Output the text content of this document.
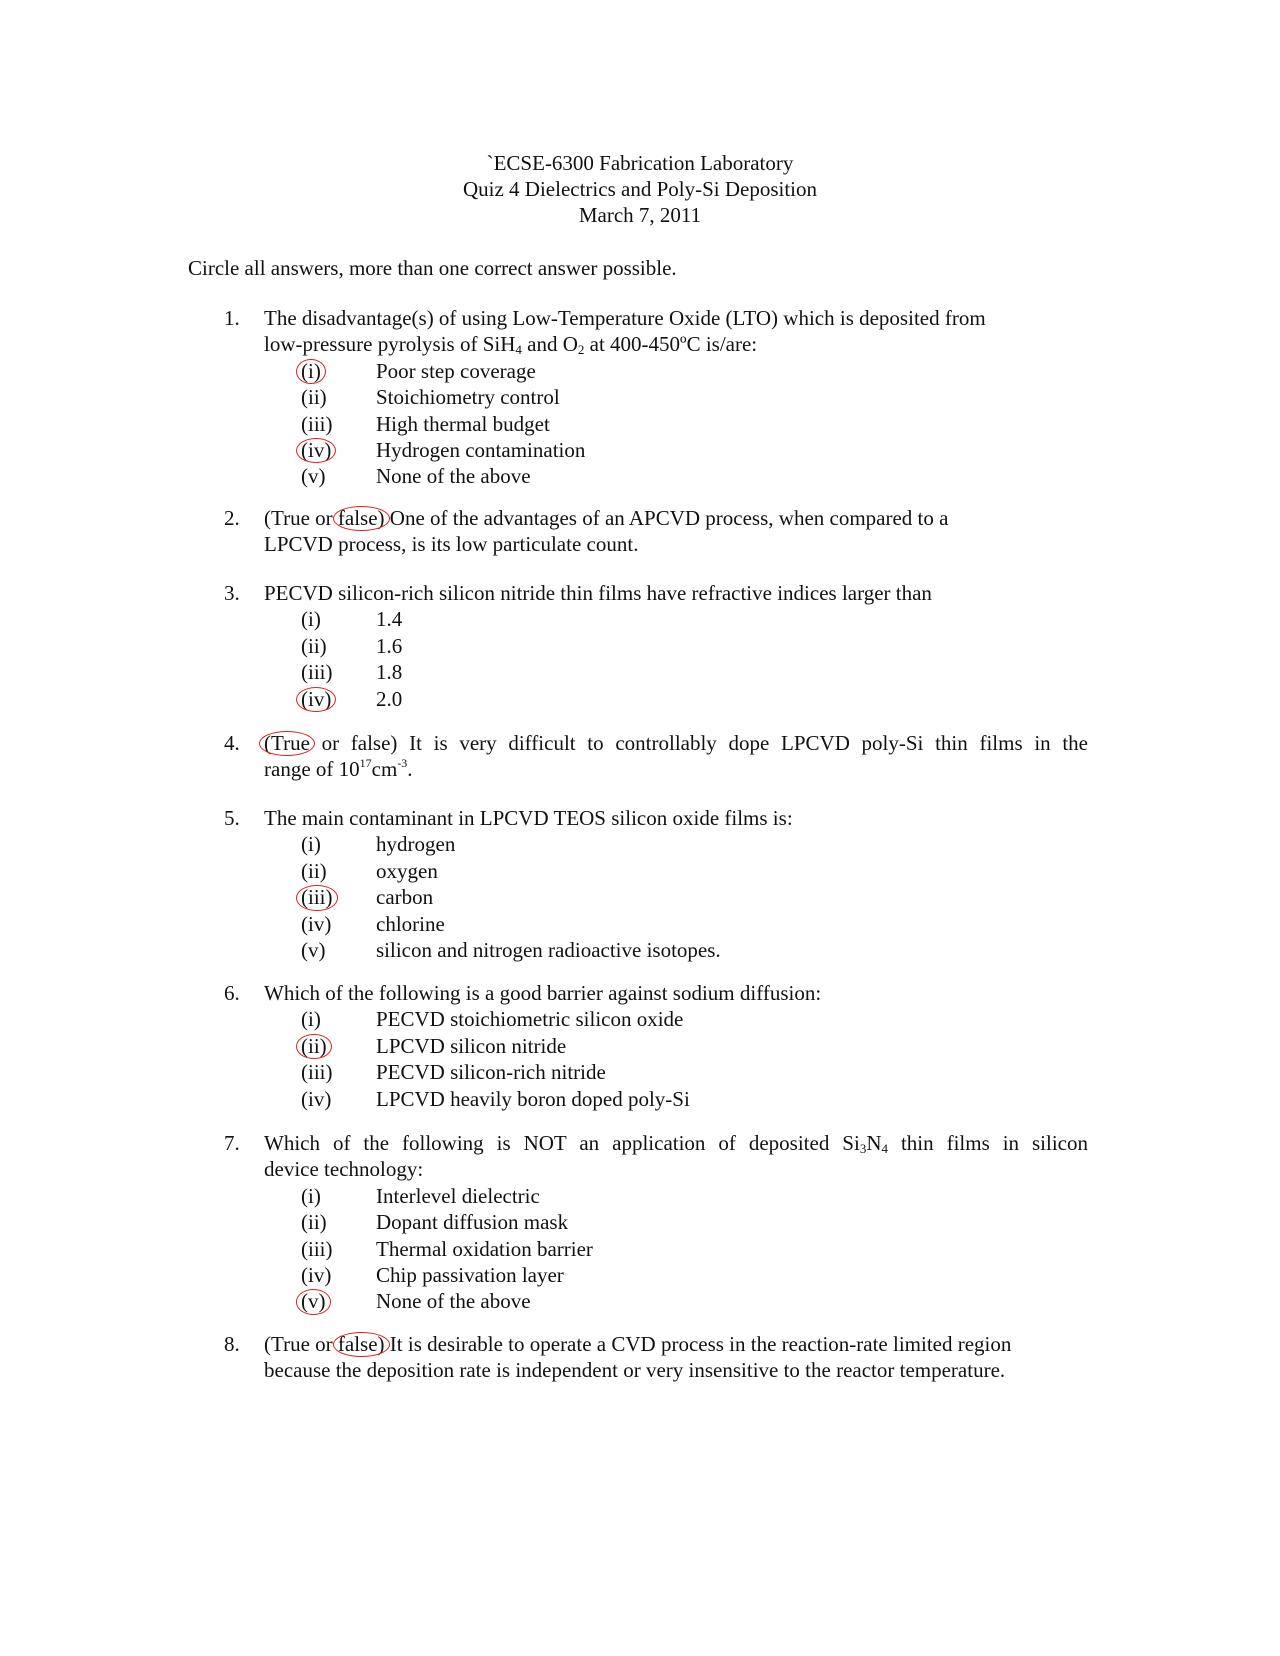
`ECSE-6300 Fabrication Laboratory
Quiz 4 Dielectrics and Poly-Si Deposition
March 7, 2011
Circle all answers, more than one correct answer possible.
1. The disadvantage(s) of using Low-Temperature Oxide (LTO) which is deposited from
low-pressure pyrolysis of SiH$_4$ and $O_2$ at 400-450ºC is/are:
(i)	Poor step coverage
(ii) Stoichiometry control
(iii) High thermal budget
(iv) Hydrogen contamination
(v) None of the above
2. (True or false) One of the advantages of an APCVD process, when compared to a
LPCVD process, is its low particulate count.
3. PECVD silicon-rich silicon nitride thin films have refractive indices larger than
(i)	1.4
(ii) 1.6
(iii) 1.8
(iv) 2.0
4. (True or false) It is very difficult to controllably dope LPCVD poly-Si thin films in the
range of $10^{17}cm^{-3}$.
5. The main contaminant in LPCVD TEOS silicon oxide films is:
(i)	hydrogen
(ii) oxygen
(iii) carbon
(iv) chlorine
(v) silicon and nitrogen radioactive isotopes.
6. Which of the following is a good barrier against sodium diffusion:
(i)	PECVD stoichiometric silicon oxide
(ii) LPCVD silicon nitride
(iii) PECVD silicon-rich nitride
(iv) LPCVD heavily boron doped poly-Si
7. Which of the following is NOT an application of deposited $Si_3N_4$ thin films in silicon
device technology:
(i)	Interlevel dielectric
(ii) Dopant diffusion mask
(iii) Thermal oxidation barrier
(iv) Chip passivation layer
(v) None of the above
8. (True or false) It is desirable to operate a CVD process in the reaction-rate limited region
because the deposition rate is independent or very insensitive to the reactor temperature.
